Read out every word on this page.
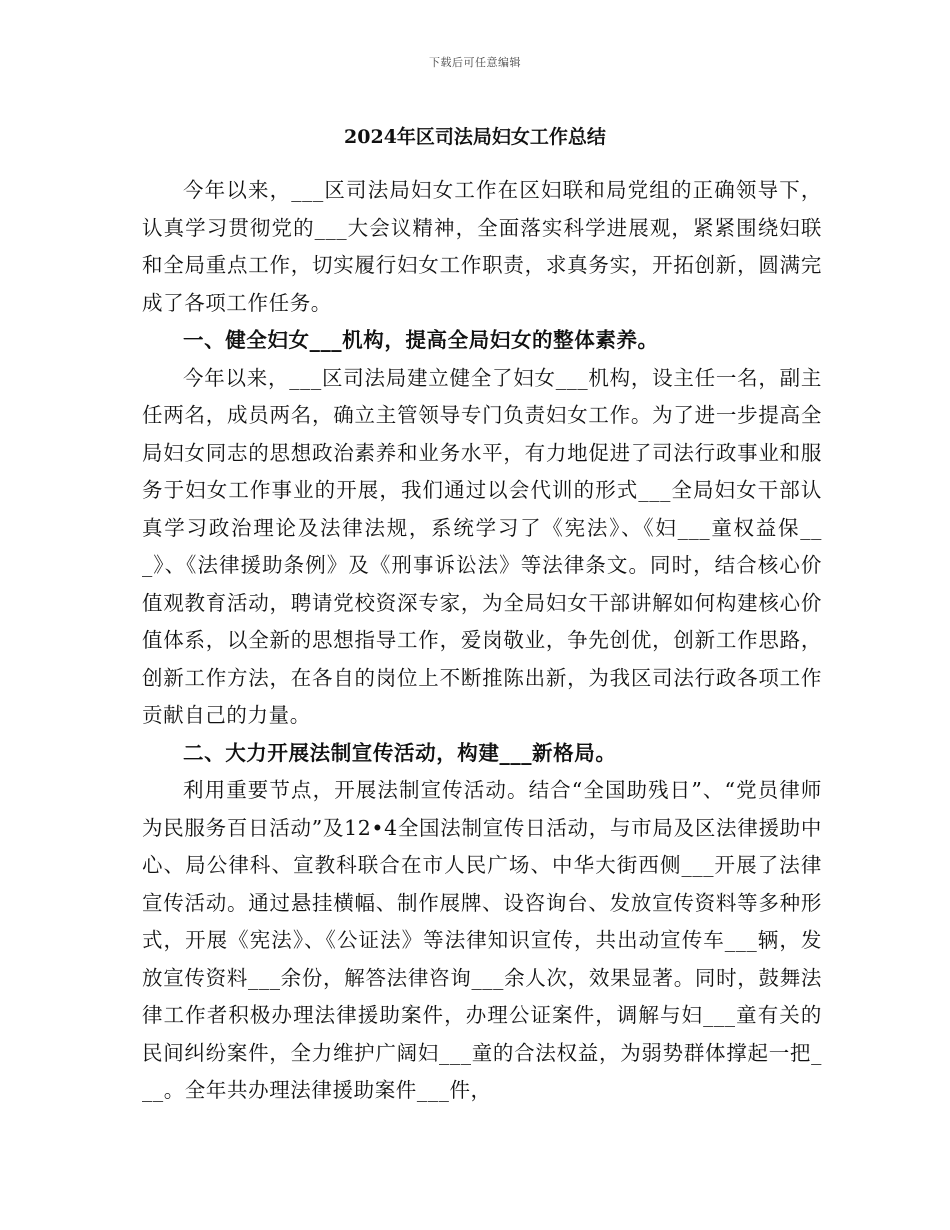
下载后可任意编辑
2024年区司法局妇女工作总结

今年以来，___区司法局妇女工作在区妇联和局党组的正确领导下，认真学习贯彻党的___大会议精神，全面落实科学进展观，紧紧围绕妇联和全局重点工作，切实履行妇女工作职责，求真务实，开拓创新，圆满完成了各项工作任务。

一、健全妇女___机构，提高全局妇女的整体素养。

今年以来，___区司法局建立健全了妇女___机构，设主任一名，副主任两名，成员两名，确立主管领导专门负责妇女工作。为了进一步提高全局妇女同志的思想政治素养和业务水平，有力地促进了司法行政事业和服务于妇女工作事业的开展，我们通过以会代训的形式___全局妇女干部认真学习政治理论及法律法规，系统学习了《宪法》、《妇___童权益保___》、《法律援助条例》及《刑事诉讼法》等法律条文。同时，结合核心价值观教育活动，聘请党校资深专家，为全局妇女干部讲解如何构建核心价值体系，以全新的思想指导工作，爱岗敬业，争先创优，创新工作思路，创新工作方法，在各自的岗位上不断推陈出新，为我区司法行政各项工作贡献自己的力量。

二、大力开展法制宣传活动，构建___新格局。

利用重要节点，开展法制宣传活动。结合“全国助残日”、“党员律师为民服务百日活动”及12•4全国法制宣传日活动，与市局及区法律援助中心、局公律科、宣教科联合在市人民广场、中华大街西侧___开展了法律宣传活动。通过悬挂横幅、制作展牌、设咨询台、发放宣传资料等多种形式，开展《宪法》、《公证法》等法律知识宣传，共出动宣传车___辆，发放宣传资料___余份，解答法律咨询___余人次，效果显著。同时，鼓舞法律工作者积极办理法律援助案件，办理公证案件，调解与妇___童有关的民间纠纷案件，全力维护广阔妇___童的合法权益，为弱势群体撑起一把___。全年共办理法律援助案件___件，
